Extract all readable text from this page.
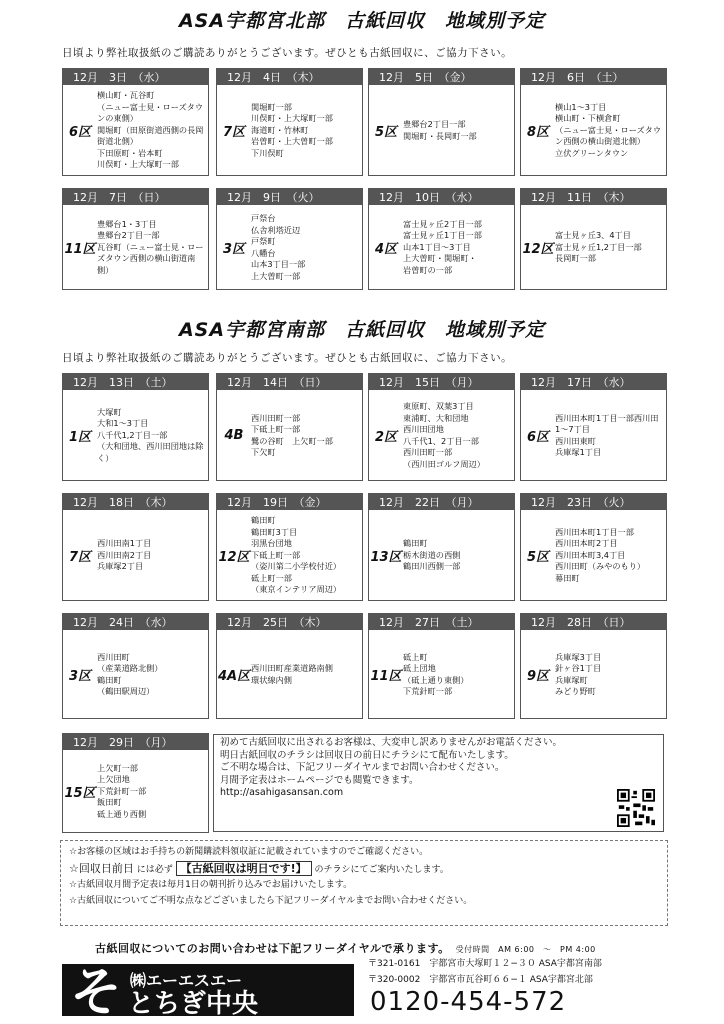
ASA宇都宮北部　古紙回収　地域別予定
日頃より弊社取扱紙のご購読ありがとうございます。ぜひとも古紙回収に、ご協力下さい。
12月　3日　（水）
6区
横山町・瓦谷町
（ニュー富士見・ローズタウンの東側）
関堀町（田原街道西側の長岡街道北側）
下田原町・岩本町
川俣町・上大塚町一部
12月　4日　（木）
7区
関堀町一部
川俣町・上大塚町一部
海道町・竹林町
岩曽町・上大曽町一部
下川俣町
12月　5日　（金）
5区
豊郷台2丁目一部
関堀町・長岡町一部
12月　6日　（土）
8区
横山1〜3丁目
横山町・下横倉町
（ニュー富士見・ローズタウン西側の横山街道北側）
立伏グリーンタウン
12月　7日　（日）
11区
豊郷台1・3丁目
豊郷台2丁目一部
瓦谷町（ニュー富士見・ローズタウン西側の横山街道南側）
12月　9日　（火）
3区
戸祭台
仏舎利塔近辺
戸祭町
八幡台
山本3丁目一部
上大曽町一部
12月　10日　（水）
4区
富士見ヶ丘2丁目一部
富士見ヶ丘1丁目一部
山本1丁目〜3丁目
上大曽町・関堀町・
岩曽町の一部
12月　11日　（木）
12区
富士見ヶ丘3、4丁目
富士見ヶ丘1,2丁目一部
長岡町一部
ASA宇都宮南部　古紙回収　地域別予定
日頃より弊社取扱紙のご購読ありがとうございます。ぜひとも古紙回収に、ご協力下さい。
12月　13日　（土）
1区
大塚町
大和1〜3丁目
八千代1,2丁目一部
（大和団地、西川田団地は除く）
12月　14日　（日）
4B
西川田町一部
下砥上町一部
鷺の谷町　上欠町一部
下欠町
12月　15日　（月）
2区
東原町、双葉3丁目
東浦町、大和団地
西川田団地
八千代1、2丁目一部
西川田町一部
（西川田ゴルフ周辺）
12月　17日　（水）
6区
西川田本町1丁目一部西川田1〜7丁目
西川田東町
兵庫塚1丁目
12月　18日　（木）
7区
西川田南1丁目
西川田南2丁目
兵庫塚2丁目
12月　19日　（金）
12区
鶴田町
鶴田町3丁目
羽黒台団地
下砥上町一部
（姿川第二小学校付近）
砥上町一部
（東京インテリア周辺）
12月　22日　（月）
13区
鶴田町
栃木街道の西側
鶴田川西側一部
12月　23日　（火）
5区
西川田本町1丁目一部
西川田本町2丁目
西川田本町3,4丁目
西川田町（みやのもり）
幕田町
12月　24日　（水）
3区
西川田町
（産業道路北側）
鶴田町
（鶴田駅周辺）
12月　25日　（木）
4A区
西川田町産業道路南側
環状線内側
12月　27日　（土）
11区
砥上町
砥上団地
（砥上通り東側）
下荒針町一部
12月　28日　（日）
9区
兵庫塚3丁目
針ヶ谷1丁目
兵庫塚町
みどり野町
12月　29日　（月）
15区
上欠町一部
上欠団地
下荒針町一部
飯田町
砥上通り西側
初めて古紙回収に出されるお客様は、大変申し訳ありませんがお電話ください。
明日古紙回収のチラシは回収日の前日にチラシにて配布いたします。
ご不明な場合は、下記フリーダイヤルまでお問い合わせください。
月間予定表はホームページでも閲覧できます。
http://asahigasansan.com
☆お客様の区域はお手持ちの新聞購読料領収証に記載されていますのでご確認ください。
☆回収日前日 には必ず 【古紙回収は明日です!】 のチラシにてご案内いたします。
☆古紙回収月間予定表は毎月1日の朝刊折り込みでお届けいたします。
☆古紙回収についてご不明な点などございましたら下記フリーダイヤルまでお問い合わせください。
古紙回収についてのお問い合わせは下記フリーダイヤルで承ります。 受付時間　AM 6:00　〜　PM 4:00
そ ㈱エーエスエー
とちぎ中央
〒321-0161　宇都宮市大塚町１２−３０ ASA宇都宮南部
〒320-0002　宇都宮市瓦谷町６６−１ ASA宇都宮北部
0120-454-572
